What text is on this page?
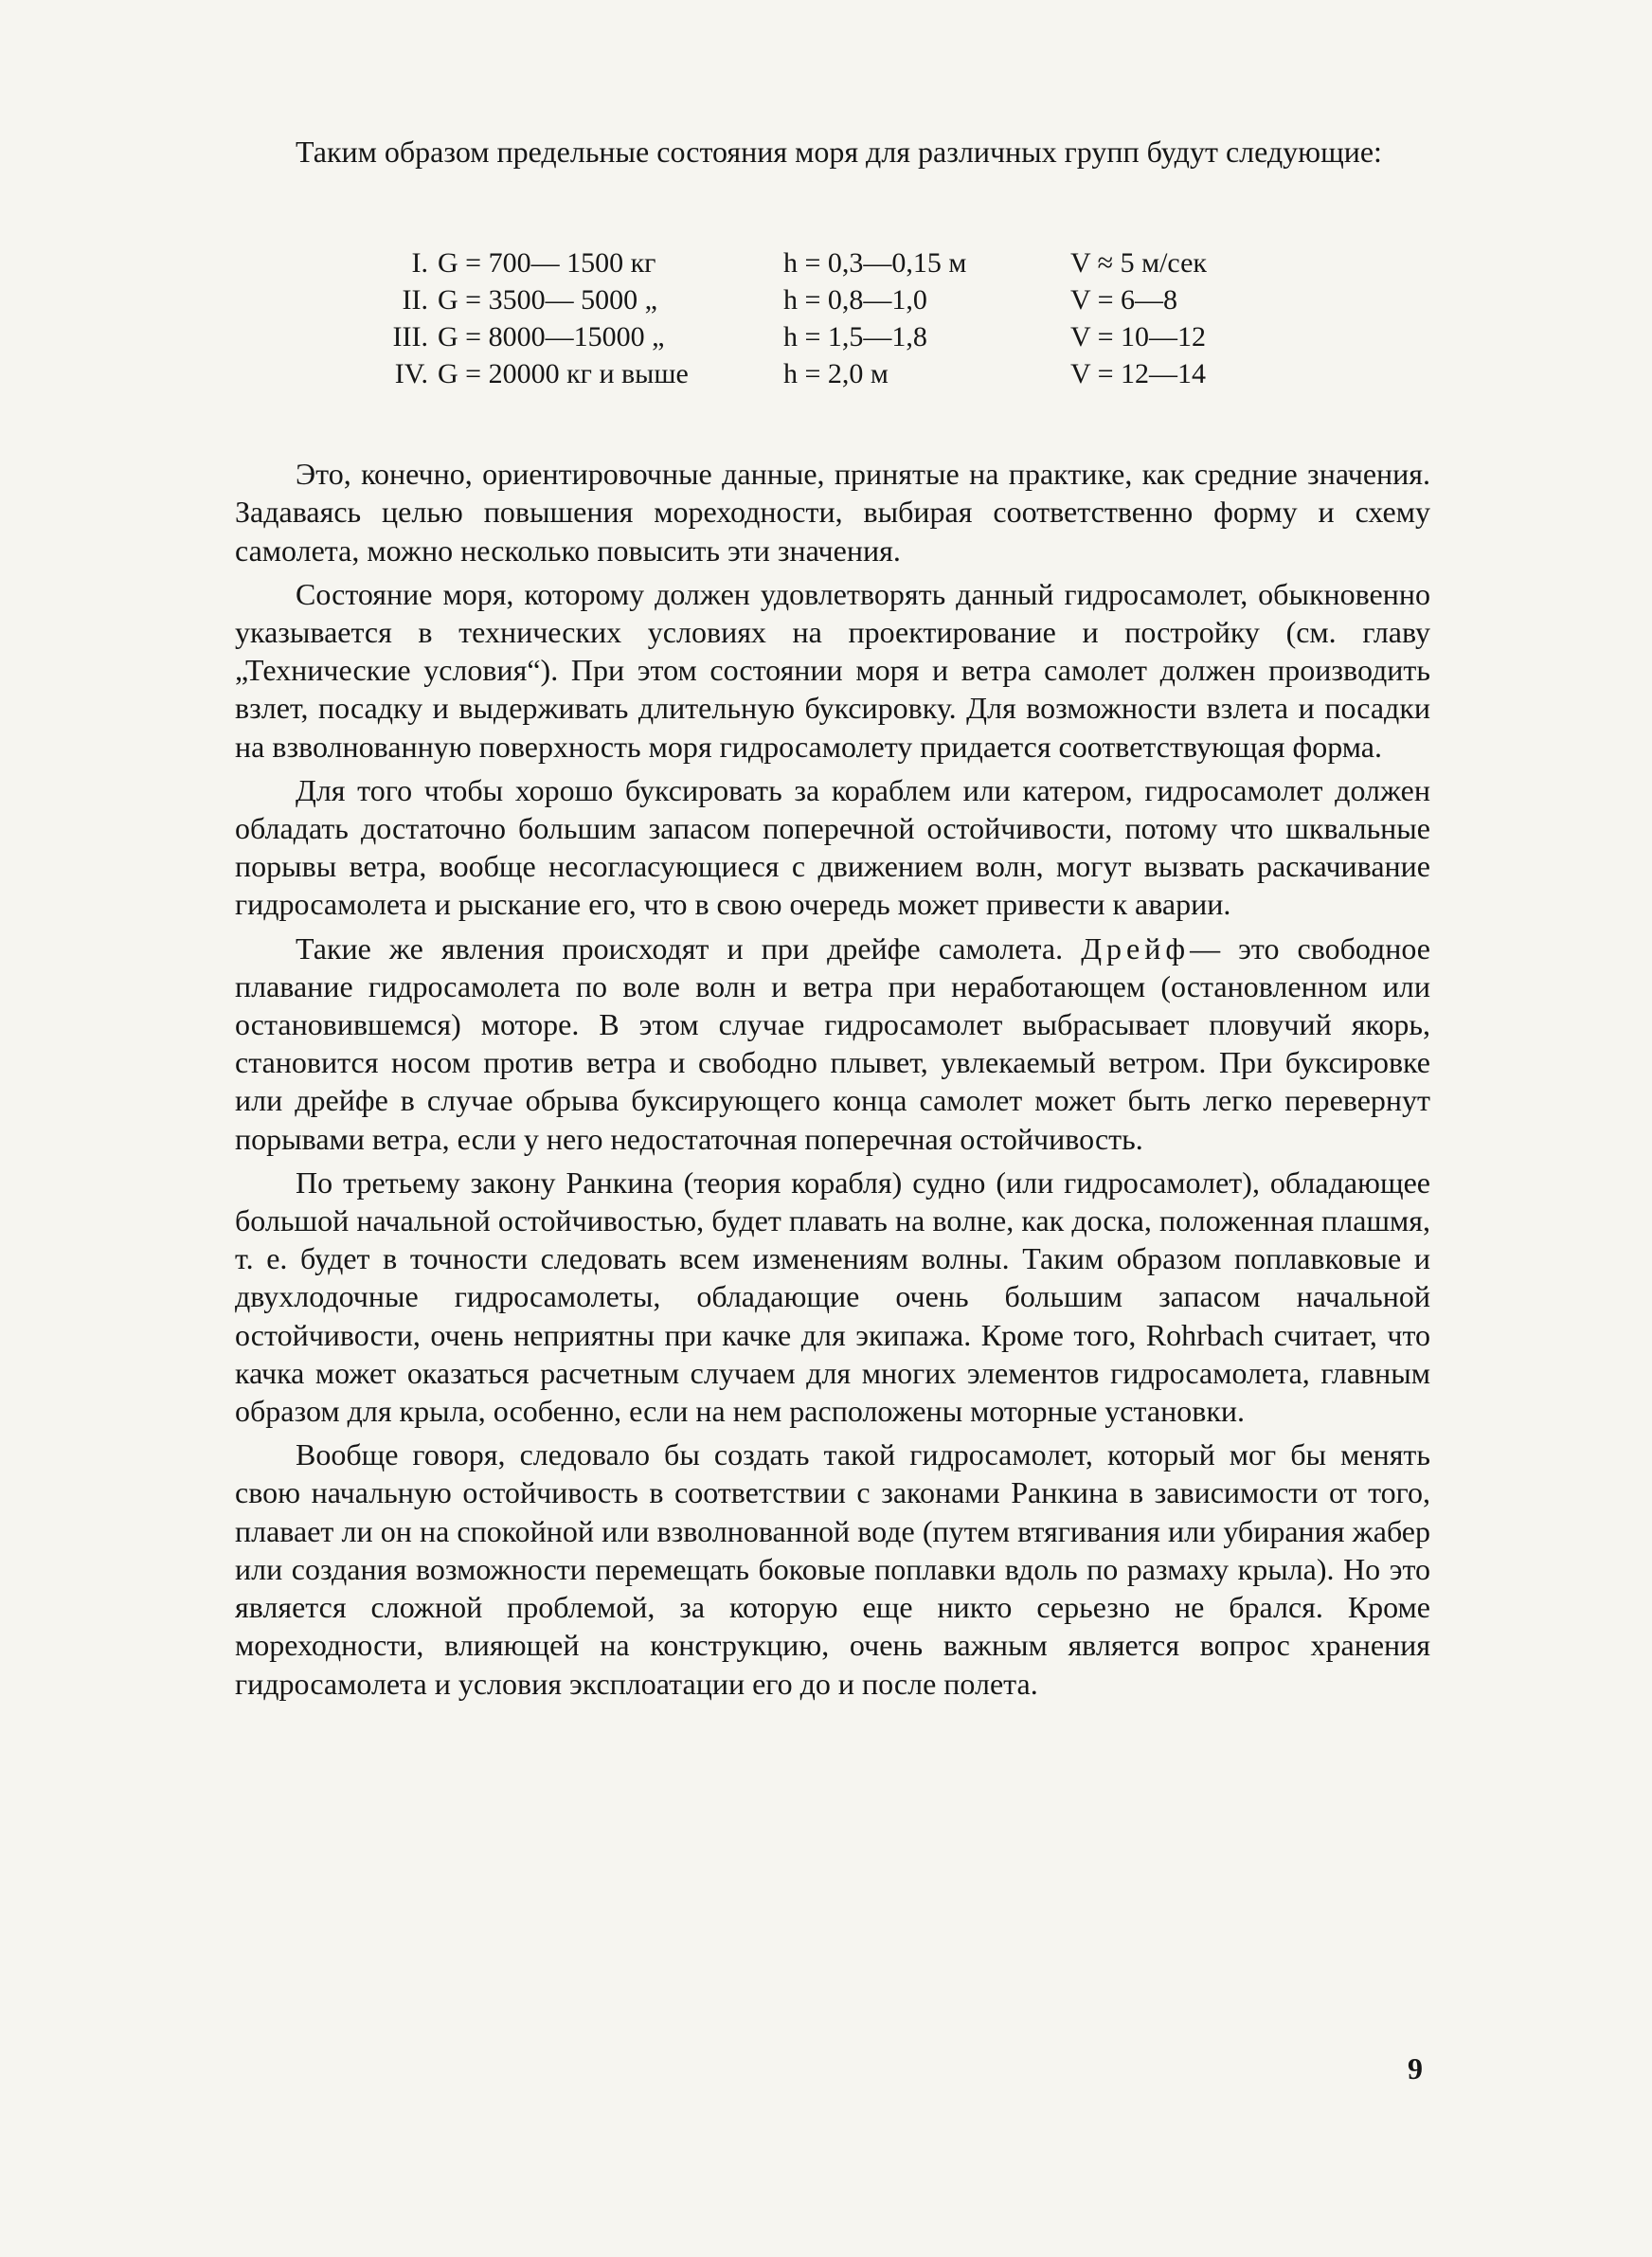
Таким образом предельные состояния моря для различных групп будут следующие:

I.	G = 700— 1500 кг	h = 0,3—0,15 м	V ≈ 5 м/сек
II.	G = 3500— 5000 „	h = 0,8—1,0	V = 6—8
III.	G = 8000—15000 „	h = 1,5—1,8	V = 10—12
IV.	G = 20000 кг и выше	h = 2,0 м	V = 12—14

Это, конечно, ориентировочные данные, принятые на практике, как средние значения. Задаваясь целью повышения мореходности, выбирая соответственно форму и схему самолета, можно несколько повысить эти значения.

Состояние моря, которому должен удовлетворять данный гидросамолет, обыкновенно указывается в технических условиях на проектирование и постройку (см. главу „Технические условия“). При этом состоянии моря и ветра самолет должен производить взлет, посадку и выдерживать длительную буксировку. Для возможности взлета и посадки на взволнованную поверхность моря гидросамолету придается соответствующая форма.

Для того чтобы хорошо буксировать за кораблем или катером, гидросамолет должен обладать достаточно большим запасом поперечной остойчивости, потому что шквальные порывы ветра, вообще несогласующиеся с движением волн, могут вызвать раскачивание гидросамолета и рыскание его, что в свою очередь может привести к аварии.

Такие же явления происходят и при дрейфе самолета. Дрейф— это свободное плавание гидросамолета по воле волн и ветра при неработающем (остановленном или остановившемся) моторе. В этом случае гидросамолет выбрасывает пловучий якорь, становится носом против ветра и свободно плывет, увлекаемый ветром. При буксировке или дрейфе в случае обрыва буксирующего конца самолет может быть легко перевернут порывами ветра, если у него недостаточная поперечная остойчивость.

По третьему закону Ранкина (теория корабля) судно (или гидросамолет), обладающее большой начальной остойчивостью, будет плавать на волне, как доска, положенная плашмя, т. е. будет в точности следовать всем изменениям волны. Таким образом поплавковые и двухлодочные гидросамолеты, обладающие очень большим запасом начальной остойчивости, очень неприятны при качке для экипажа. Кроме того, Rohrbach считает, что качка может оказаться расчетным случаем для многих элементов гидросамолета, главным образом для крыла, особенно, если на нем расположены моторные установки.

Вообще говоря, следовало бы создать такой гидросамолет, который мог бы менять свою начальную остойчивость в соответствии с законами Ранкина в зависимости от того, плавает ли он на спокойной или взволнованной воде (путем втягивания или убирания жабер или создания возможности перемещать боковые поплавки вдоль по размаху крыла). Но это является сложной проблемой, за которую еще никто серьезно не брался. Кроме мореходности, влияющей на конструкцию, очень важным является вопрос хранения гидросамолета и условия эксплоатации его до и после полета.

9
